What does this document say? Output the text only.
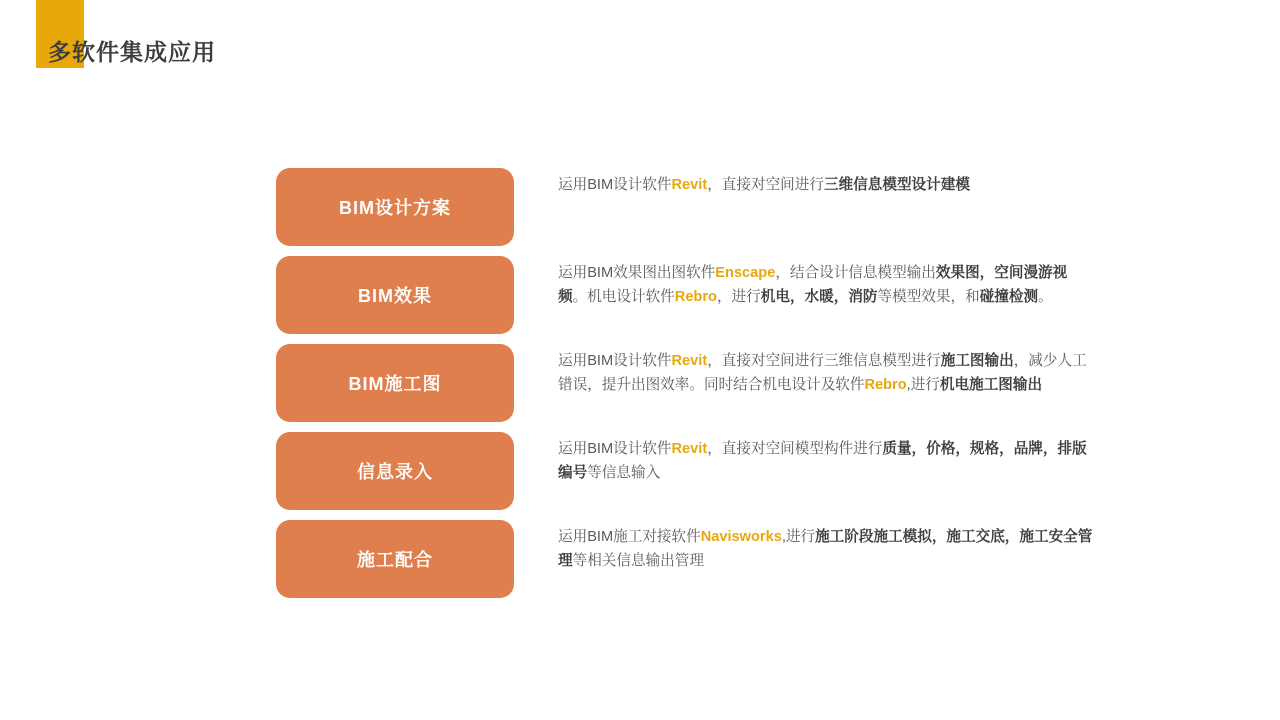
多软件集成应用
BIM设计方案
运用BIM设计软件Revit，直接对空间进行三维信息模型设计建模
BIM效果
运用BIM效果图出图软件Enscape，结合设计信息模型输出效果图，空间漫游视频。机电设计软件Rebro，进行机电，水暖，消防等模型效果，和碰撞检测。
BIM施工图
运用BIM设计软件Revit，直接对空间进行三维信息模型进行施工图输出，减少人工错误，提升出图效率。同时结合机电设计及软件Rebro,进行机电施工图输出
信息录入
运用BIM设计软件Revit，直接对空间模型构件进行质量，价格，规格，品牌，排版编号等信息输入
施工配合
运用BIM施工对接软件Navisworks,进行施工阶段施工模拟，施工交底，施工安全管理等相关信息输出管理
